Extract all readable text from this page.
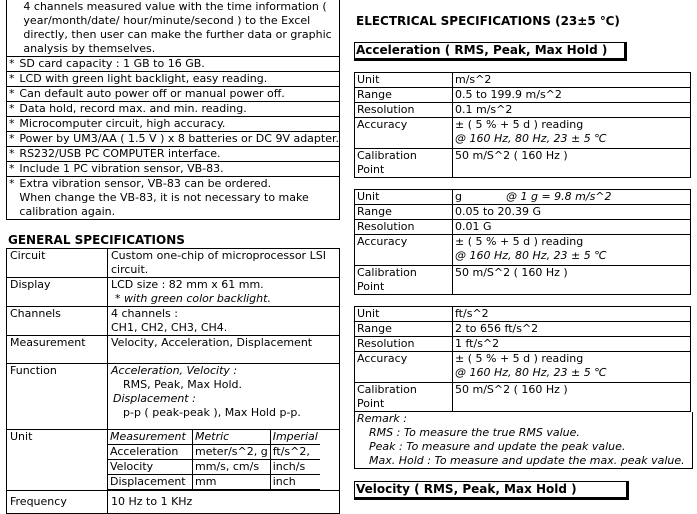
	4 channels measured value with the time information (
year/month/date/ hour/minute/second ) to the Excel
directly, then user can make the further data or graphic
analysis by themselves.

*	SD card capacity : 1 GB to 16 GB.
*	LCD with green light backlight, easy reading.
*	Can default auto power off or manual power off.
*	Data hold, record max. and min. reading.
*	Microcomputer circuit, high accuracy.
*	Power by UM3/AA ( 1.5 V ) x 8 batteries or DC 9V adapter.
*	RS232/USB PC COMPUTER interface.
*	Include 1 PC vibration sensor, VB-83.
*	Extra vibration sensor, VB-83 can be ordered.
When change the VB-83, it is not necessary to make
calibration again.
GENERAL SPECIFICATIONS
Circuit	Custom one-chip of microprocessor LSI
circuit.

Display	LCD size : 82 mm x 61 mm.
* with green color backlight.

Channels	4 channels :
CH1, CH2, CH3, CH4.

Measurement	Velocity, Acceleration, Displacement
Function	Acceleration, Velocity :
RMS, Peak, Max Hold.
Displacement :
p-p ( peak-peak ), Max Hold p-p.

Unit		Measurement	Metric	Imperial
Acceleration	meter/s^2, g	ft/s^2,
Velocity	mm/s, cm/s	inch/s
Displacement	mm	inch

Frequency	10 Hz to 1 KHz
ELECTRICAL SPECIFICATIONS (23±5 ℃)
Acceleration ( RMS, Peak, Max Hold )
Unit	m/s^2
Range	0.5 to 199.9 m/s^2
Resolution	0.1 m/s^2
Accuracy	± ( 5 % + 5 d ) reading
@ 160 Hz, 80 Hz, 23 ± 5 ℃

Calibration
Point	50 m/S^2 ( 160 Hz )
Unit	g @ 1 g = 9.8 m/s^2
Range	0.05 to 20.39 G
Resolution	0.01 G
Accuracy	± ( 5 % + 5 d ) reading
@ 160 Hz, 80 Hz, 23 ± 5 ℃

Calibration
Point	50 m/S^2 ( 160 Hz )
Unit	ft/s^2
Range	2 to 656 ft/s^2
Resolution	1 ft/s^2
Accuracy	± ( 5 % + 5 d ) reading
@ 160 Hz, 80 Hz, 23 ± 5 ℃

Calibration
Point	50 m/S^2 ( 160 Hz )
Remark :
RMS : To measure the true RMS value.
Peak : To measure and update the peak value.
Max. Hold : To measure and update the max. peak value.
Velocity ( RMS, Peak, Max Hold )
